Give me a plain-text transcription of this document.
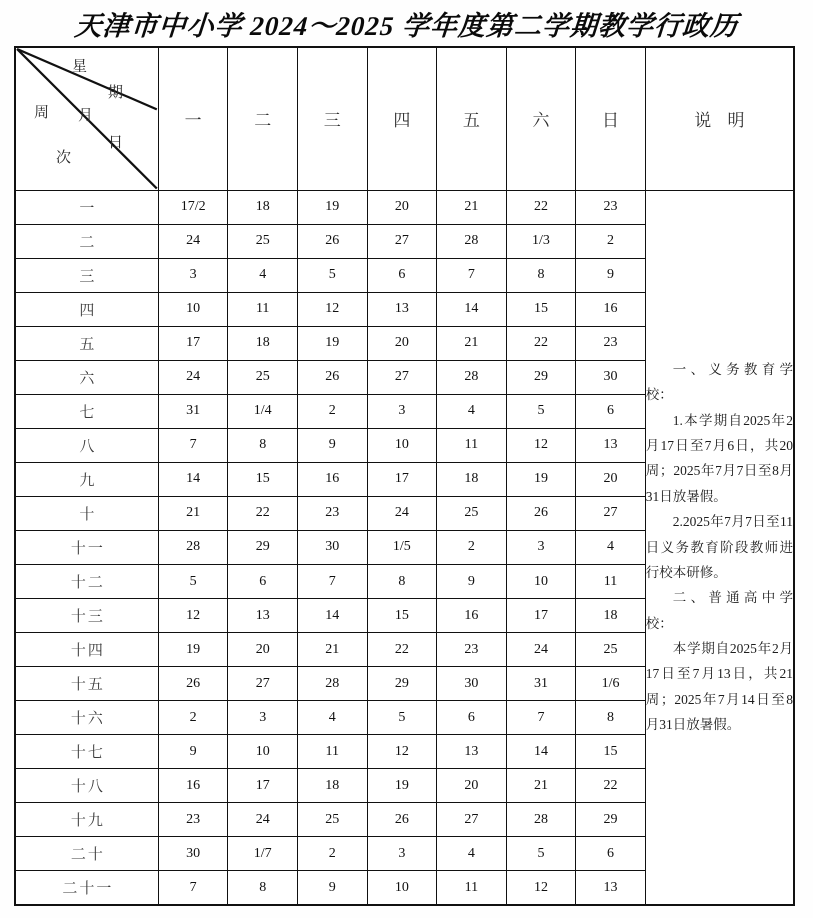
天津市中小学 2024～2025 学年度第二学期教学行政历
星
期
月
日
周
次
	一	二	三	四	五	六	日	说 明
一	17/2	18	19	20	21	22	23	一、义务教育学校：

1.本学期自2025年2月17日至7月6日，共20周；2025年7月7日至8月31日放暑假。

2.2025年7月7日至11日义务教育阶段教师进行校本研修。

二、普通高中学校：

本学期自2025年2月17日至7月13日，共21周；2025年7月14日至8月31日放暑假。

二	24	25	26	27	28	1/3	2	
三	3	4	5	6	7	8	9	
四	10	11	12	13	14	15	16	
五	17	18	19	20	21	22	23	
六	24	25	26	27	28	29	30	
七	31	1/4	2	3	4	5	6	
八	7	8	9	10	11	12	13	
九	14	15	16	17	18	19	20	
十	21	22	23	24	25	26	27	
十一	28	29	30	1/5	2	3	4	
十二	5	6	7	8	9	10	11	
十三	12	13	14	15	16	17	18	
十四	19	20	21	22	23	24	25	
十五	26	27	28	29	30	31	1/6	
十六	2	3	4	5	6	7	8	
十七	9	10	11	12	13	14	15	
十八	16	17	18	19	20	21	22	
十九	23	24	25	26	27	28	29	
二十	30	1/7	2	3	4	5	6	
二十一	7	8	9	10	11	12	13	
